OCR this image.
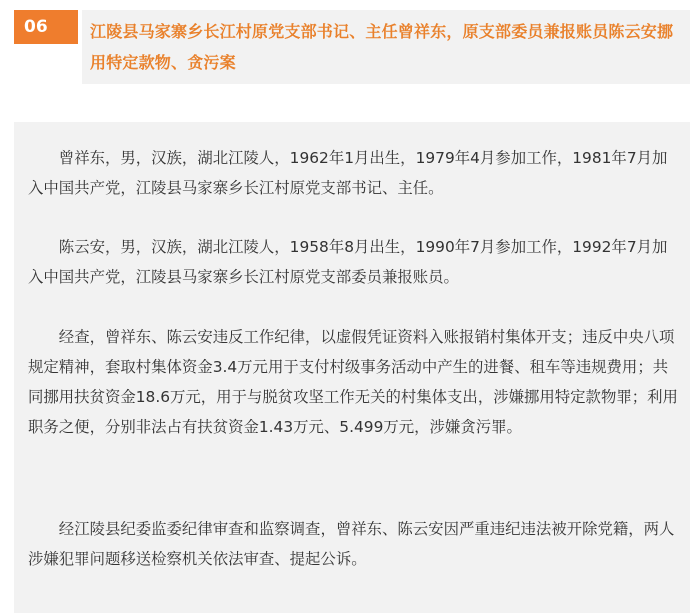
06	江陵县马家寨乡长江村原党支部书记、主任曾祥东，原支部委员兼报账员陈云安挪用特定款物、贪污案

曾祥东，男，汉族，湖北江陵人，1962年1月出生，1979年4月参加工作，1981年7月加入中国共产党，江陵县马家寨乡长江村原党支部书记、主任。

陈云安，男，汉族，湖北江陵人，1958年8月出生，1990年7月参加工作，1992年7月加入中国共产党，江陵县马家寨乡长江村原党支部委员兼报账员。

经查，曾祥东、陈云安违反工作纪律，以虚假凭证资料入账报销村集体开支；违反中央八项规定精神，套取村集体资金3.4万元用于支付村级事务活动中产生的进餐、租车等违规费用；共同挪用扶贫资金18.6万元，用于与脱贫攻坚工作无关的村集体支出，涉嫌挪用特定款物罪；利用职务之便，分别非法占有扶贫资金1.43万元、5.499万元，涉嫌贪污罪。

经江陵县纪委监委纪律审查和监察调查，曾祥东、陈云安因严重违纪违法被开除党籍，两人涉嫌犯罪问题移送检察机关依法审查、提起公诉。
